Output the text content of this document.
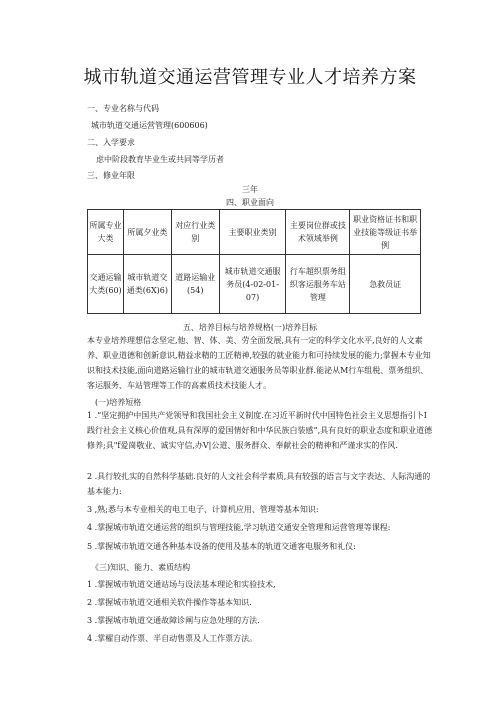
城市轨道交通运营管理专业人才培养方案
一、专业名称与代码
城市轨道交通运营管理(600606)
二、入学要求
虑中阶段教育毕业生或共同等学历者
三、修业年限
三年
四、职业面向
所属专业大类	所属夕业类	对应行业类别	主要职业类别	主要岗位群或技术领域举例	职业资格证书和职业技能等级证书举例
交通运输大类(60)	城市轨道交通类(6X)6)	道路运输业(54)	城市轨道交通服务员(4-02-01-07)	行车超织票务组织客运服务车站管理	急救员证
五、培养目标与培养规格(一)培养目标
本专业培养理想信念坚定,他、智、体、美、劳全面发展,具有一定的科学文化水平,良好的人文素养、职业道德和创新意识,精益求精的工匠精神,较强的就业能力和可持续发展的能力;掌握本专业知识和技术技能,面向道路运输行业的城市轨道交通服务员等职业群.能泌从M行车组税、票务组织、客运服务、车站管理等工作的高素质技术技能人才。
(一)培养短格
1 .“坚定拥护中国共产党领导和我国社会主义制度.在习近平新时代中国特色社会主义思想指引卜I践行社会主义核心价值观,具有深厚的爱国情好和中华民族白装感”,具有良好的职业态度和职业道德修养;具"f爱崗敬业、诚实守信,办V|公道、服务群众、奉献社会的精神和严谨求实的作风.
2 .具行较扎实的自然科学基础.良好的人文社会科学素质,具有较强的语言与文字表达、人际沟通的基本能力:
3 ,熟;悉与本专业相关的电工电子、计算机应用、管理等基本知识:
4 .掌握城市轨道交通运营的组织与管理技能,学习轨道交通安全管理和运营管理等课程:
5 .掌握城市轨道交通各种基本设备的使用及基本的轨道交通客电服务和礼仪:
《三)知识、能力、素质结构
1 .掌握城市轨道交通站场与设法基本理论和实验技术,
2 .掌握城市轨道交通相关软件操作等基本知识.
3 .掌握城市轨道交通故障诊阐与应急处理的方法.
4 .掌櫂自动作票、半自动售票及人工作票方法。
